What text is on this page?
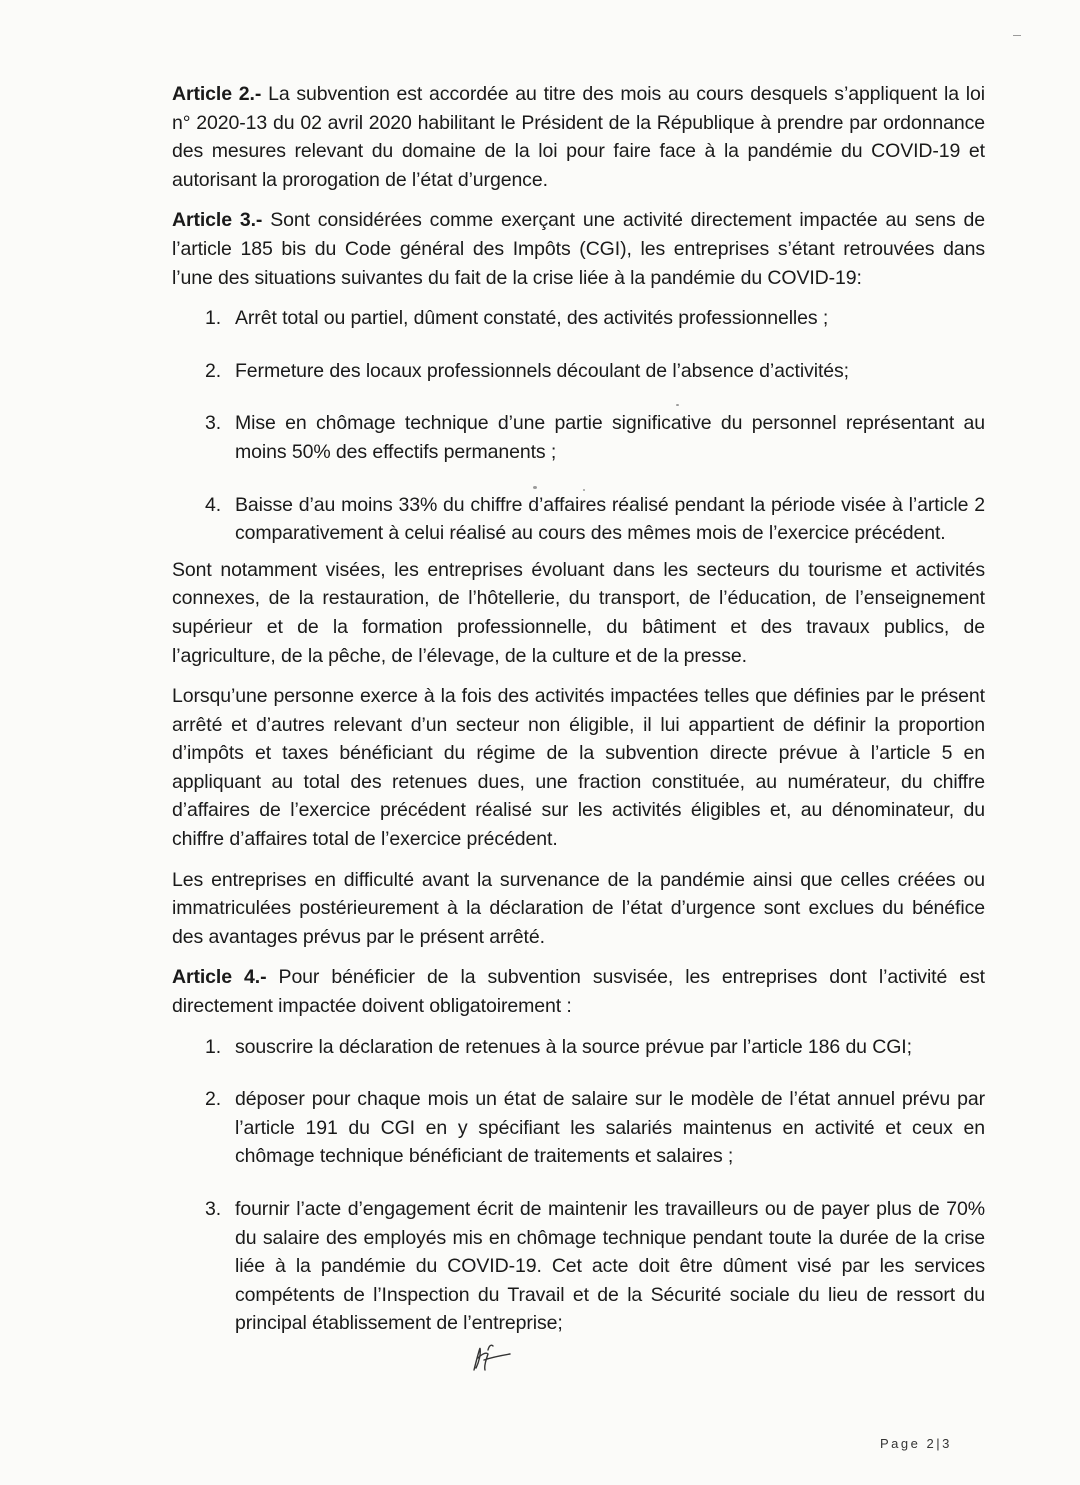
Article 2.- La subvention est accordée au titre des mois au cours desquels s’appliquent la loi n° 2020-13 du 02 avril 2020 habilitant le Président de la République à prendre par ordonnance des mesures relevant du domaine de la loi pour faire face à la pandémie du COVID-19 et autorisant la prorogation de l’état d’urgence.

Article 3.- Sont considérées comme exerçant une activité directement impactée au sens de l’article 185 bis du Code général des Impôts (CGI), les entreprises s’étant retrouvées dans l’une des situations suivantes du fait de la crise liée à la pandémie du COVID-19:

1. Arrêt total ou partiel, dûment constaté, des activités professionnelles ;
2. Fermeture des locaux professionnels découlant de l’absence d’activités;
3. Mise en chômage technique d’une partie significative du personnel représentant au moins 50% des effectifs permanents ;
4. Baisse d’au moins 33% du chiffre d’affaires réalisé pendant la période visée à l’article 2 comparativement à celui réalisé au cours des mêmes mois de l’exercice précédent.

Sont notamment visées, les entreprises évoluant dans les secteurs du tourisme et activités connexes, de la restauration, de l’hôtellerie, du transport, de l’éducation, de l’enseignement supérieur et de la formation professionnelle, du bâtiment et des travaux publics, de l’agriculture, de la pêche, de l’élevage, de la culture et de la presse.

Lorsqu’une personne exerce à la fois des activités impactées telles que définies par le présent arrêté et d’autres relevant d’un secteur non éligible, il lui appartient de définir la proportion d’impôts et taxes bénéficiant du régime de la subvention directe prévue à l’article 5 en appliquant au total des retenues dues, une fraction constituée, au numérateur, du chiffre d’affaires de l’exercice précédent réalisé sur les activités éligibles et, au dénominateur, du chiffre d’affaires total de l’exercice précédent.

Les entreprises en difficulté avant la survenance de la pandémie ainsi que celles créées ou immatriculées postérieurement à la déclaration de l’état d’urgence sont exclues du bénéfice des avantages prévus par le présent arrêté.

Article 4.- Pour bénéficier de la subvention susvisée, les entreprises dont l’activité est directement impactée doivent obligatoirement :

1. souscrire la déclaration de retenues à la source prévue par l’article 186 du CGI;
2. déposer pour chaque mois un état de salaire sur le modèle de l’état annuel prévu par l’article 191 du CGI en y spécifiant les salariés maintenus en activité et ceux en chômage technique bénéficiant de traitements et salaires ;
3. fournir l’acte d’engagement écrit de maintenir les travailleurs ou de payer plus de 70% du salaire des employés mis en chômage technique pendant toute la durée de la crise liée à la pandémie du COVID-19. Cet acte doit être dûment visé par les services compétents de l’Inspection du Travail et de la Sécurité sociale du lieu de ressort du principal établissement de l’entreprise;
Page 2|3
